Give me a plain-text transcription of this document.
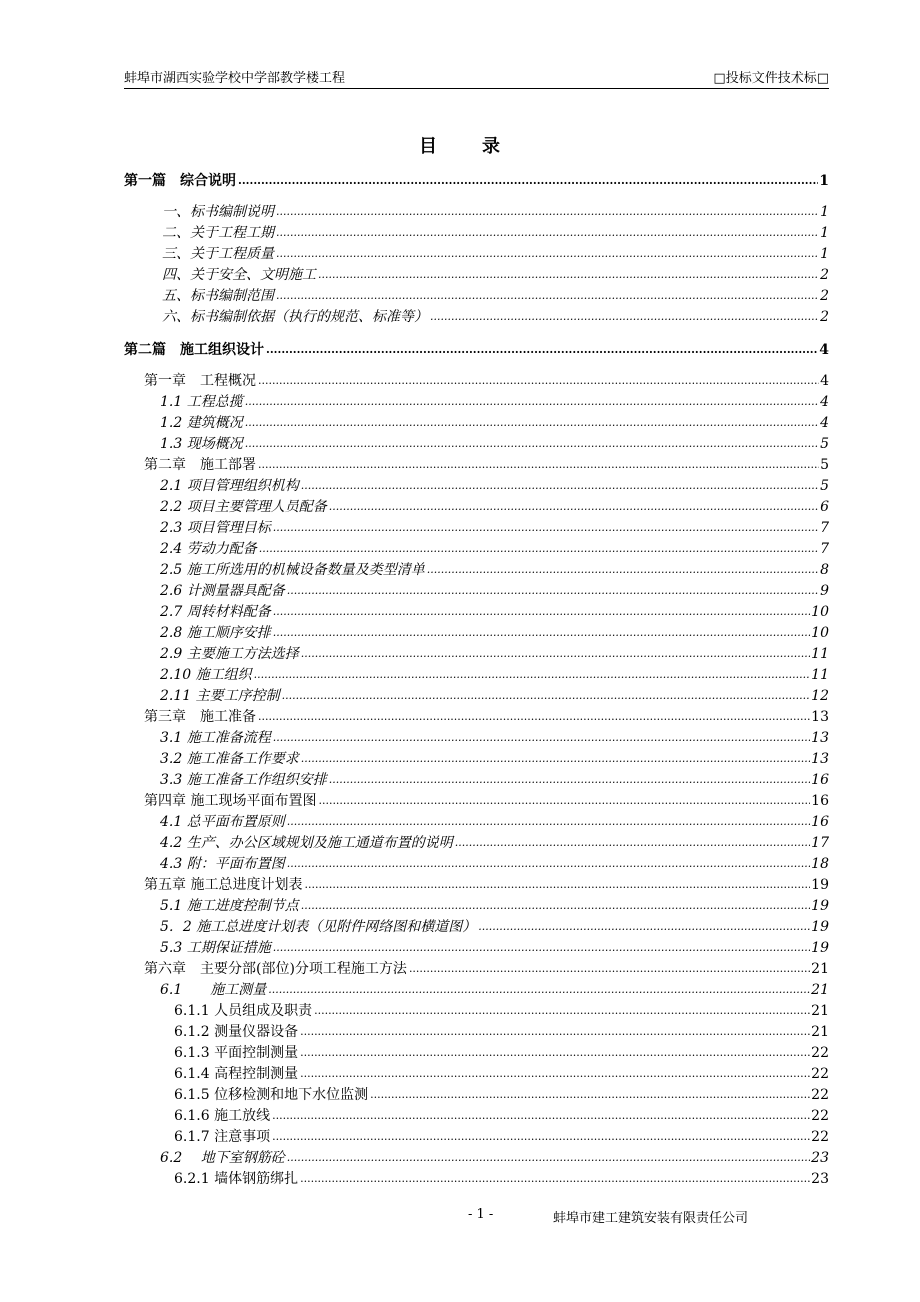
蚌埠市湖西实验学校中学部教学楼工程	□投标文件技术标□
目 录
第一篇　综合说明 .....	1
一、标书编制说明 .....	1
二、关于工程工期 .....	1
三、关于工程质量 .....	1
四、关于安全、文明施工 .....	2
五、标书编制范围 .....	2
六、标书编制依据（执行的规范、标准等） .....	2
第二篇　施工组织设计 .....	4
第一章　工程概况 .....	4
1.1 工程总揽 .....	4
1.2 建筑概况 .....	4
1.3 现场概况 .....	5
第二章　施工部署 .....	5
2.1 项目管理组织机构 .....	5
2.2 项目主要管理人员配备 .....	6
2.3 项目管理目标 .....	7
2.4 劳动力配备 .....	7
2.5 施工所选用的机械设备数量及类型清单 .....	8
2.6 计测量器具配备 .....	9
2.7 周转材料配备 .....	10
2.8 施工顺序安排 .....	10
2.9 主要施工方法选择 .....	11
2.10 施工组织 .....	11
2.11 主要工序控制 .....	12
第三章　施工准备 .....	13
3.1 施工准备流程 .....	13
3.2 施工准备工作要求 .....	13
3.3 施工准备工作组织安排 .....	16
第四章 施工现场平面布置图 .....	16
4.1 总平面布置原则 .....	16
4.2 生产、办公区域规划及施工通道布置的说明 .....	17
4.3 附：平面布置图 .....	18
第五章 施工总进度计划表 .....	19
5.1 施工进度控制节点 .....	19
5．2 施工总进度计划表（见附件网络图和横道图） .....	19
5.3 工期保证措施 .....	19
第六章　主要分部(部位)分项工程施工方法 .....	21
6.1　　施工测量 .....	21
6.1.1 人员组成及职责 .....	21
6.1.2 测量仪器设备 .....	21
6.1.3 平面控制测量 .....	22
6.1.4 高程控制测量 .....	22
6.1.5 位移检测和地下水位监测 .....	22
6.1.6 施工放线 .....	22
6.1.7 注意事项 .....	22
6.2　 地下室钢筋砼 .....	23
6.2.1 墙体钢筋绑扎 .....	23
- 1 -	蚌埠市建工建筑安装有限责任公司
